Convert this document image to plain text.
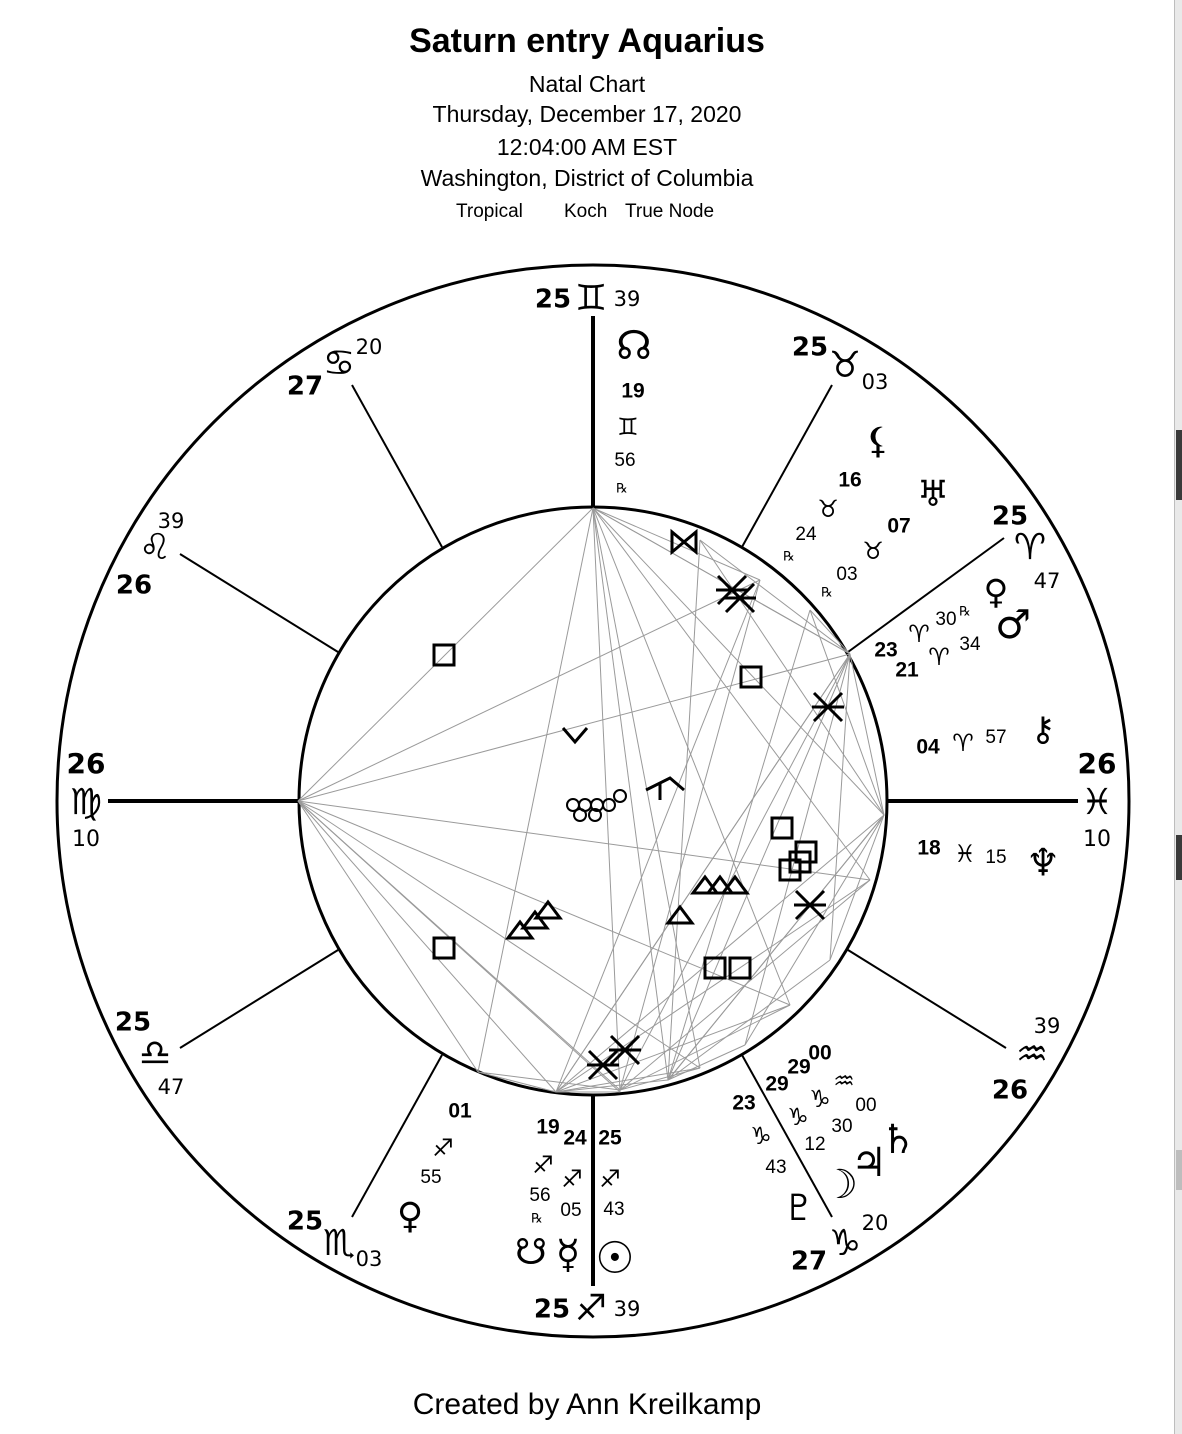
Saturn entry Aquarius
Natal Chart
Thursday, December 17, 2020
12:04:00 AM EST
Washington, District of Columbia
Tropical Koch True Node
26
♍
10
25 ♊ 39
26
♓
10
25 ♐ 39
25 ♉ 03
25
♈
47
26
♒
39
27 ♑ 20
25
♏ 03
25
♎
47
26
♌
39
27
♋ 20	☊
19
♊
56
℞
⚸
16
♉
24
℞
♅
07
♉
03
℞	♀
23
♈
30 ℞ ♂
21 ♈ 34
⚷
04 ♈ 57
♆
18 ♓ 15
♄
00
♒
00
♃
29
♑
30
☽
29
♑
12
♇
23
♑
43
☉
25
♐
43
☿
24
♐
05
☋
19
♐
56
℞
♀
01
♐
55
Created by Ann Kreilkamp
